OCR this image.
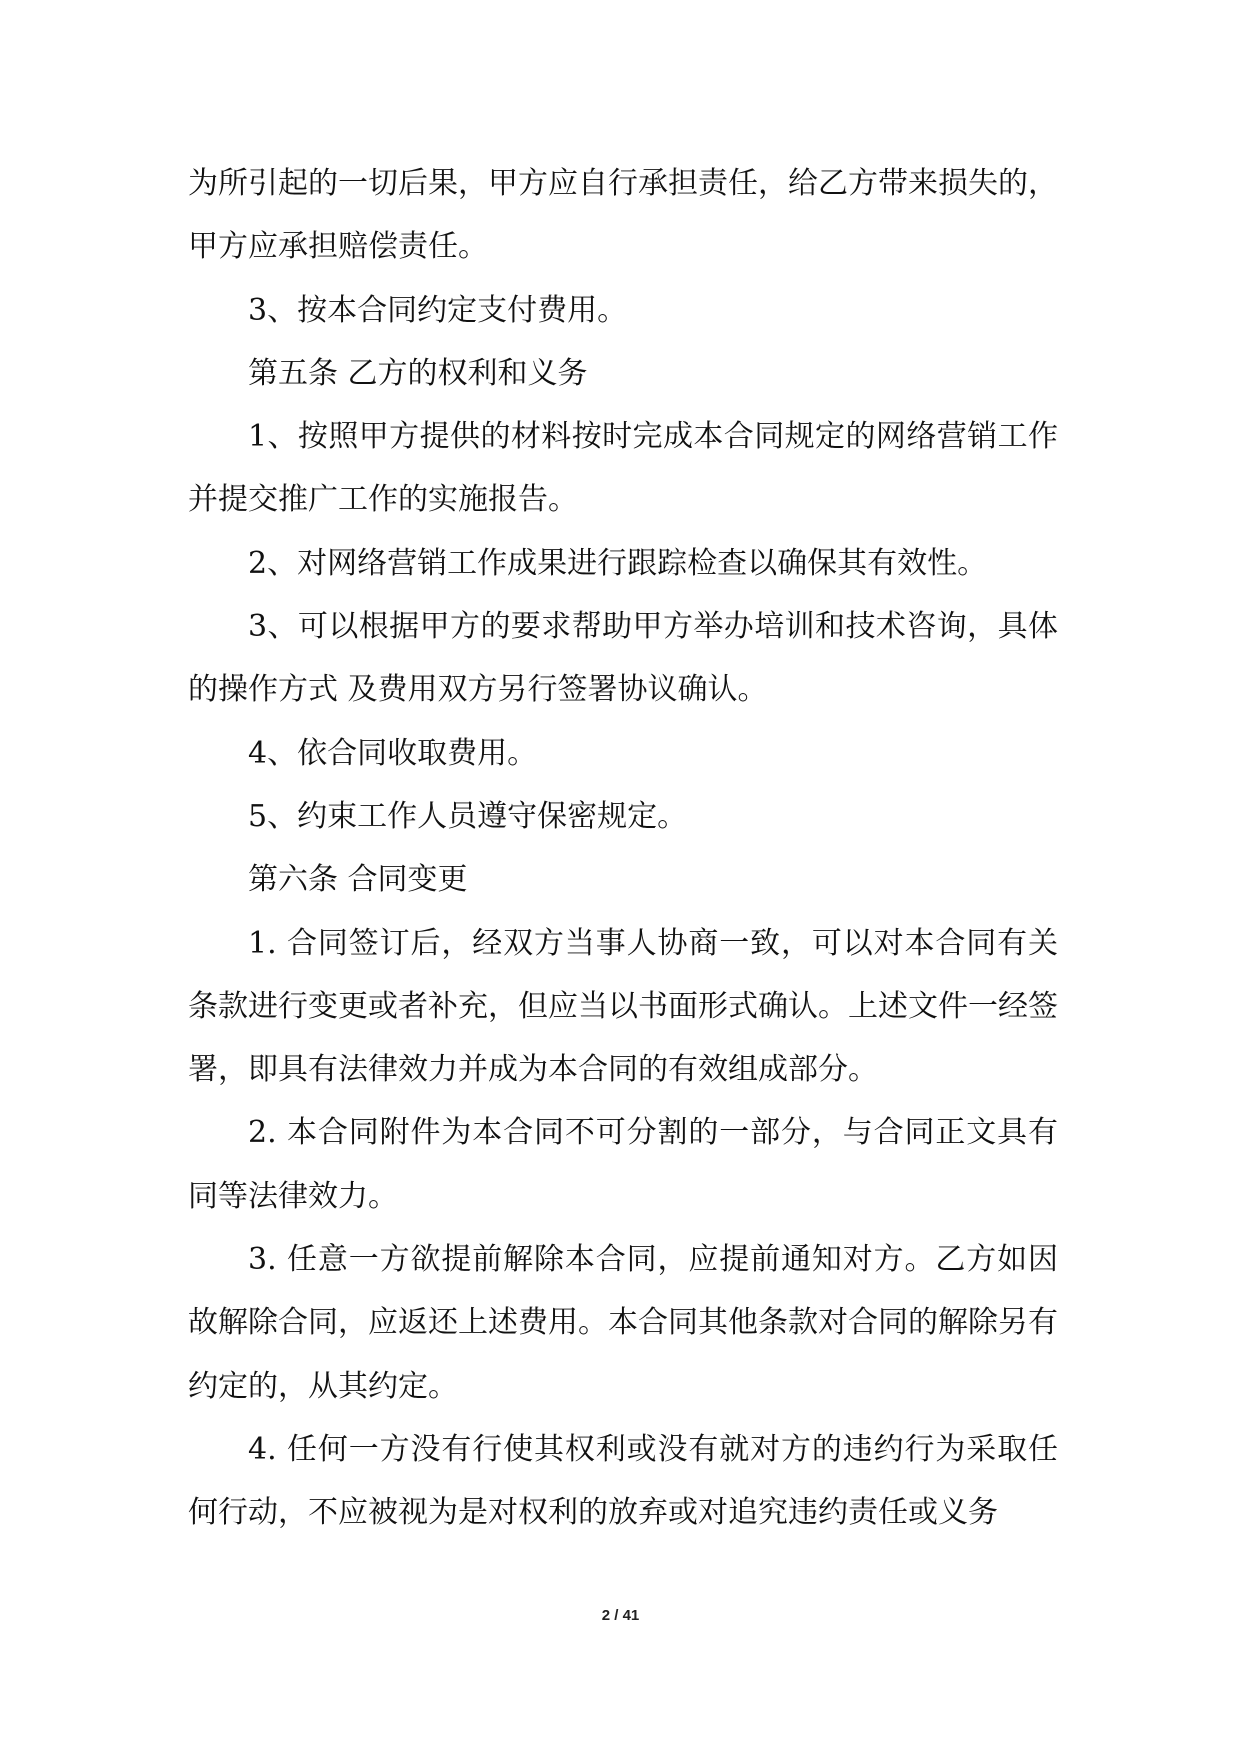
为所引起的一切后果，甲方应自行承担责任，给乙方带来损失的，甲方应承担赔偿责任。

3、按本合同约定支付费用。

第五条 乙方的权利和义务

1、按照甲方提供的材料按时完成本合同规定的网络营销工作并提交推广工作的实施报告。

2、对网络营销工作成果进行跟踪检查以确保其有效性。

3、可以根据甲方的要求帮助甲方举办培训和技术咨询，具体的操作方式 及费用双方另行签署协议确认。

4、依合同收取费用。

5、约束工作人员遵守保密规定。

第六条 合同变更

1. 合同签订后，经双方当事人协商一致，可以对本合同有关条款进行变更或者补充，但应当以书面形式确认。上述文件一经签署，即具有法律效力并成为本合同的有效组成部分。

2. 本合同附件为本合同不可分割的一部分，与合同正文具有同等法律效力。

3. 任意一方欲提前解除本合同，应提前通知对方。乙方如因故解除合同，应返还上述费用。本合同其他条款对合同的解除另有约定的，从其约定。

4. 任何一方没有行使其权利或没有就对方的违约行为采取任何行动，不应被视为是对权利的放弃或对追究违约责任或义务

2 / 41
